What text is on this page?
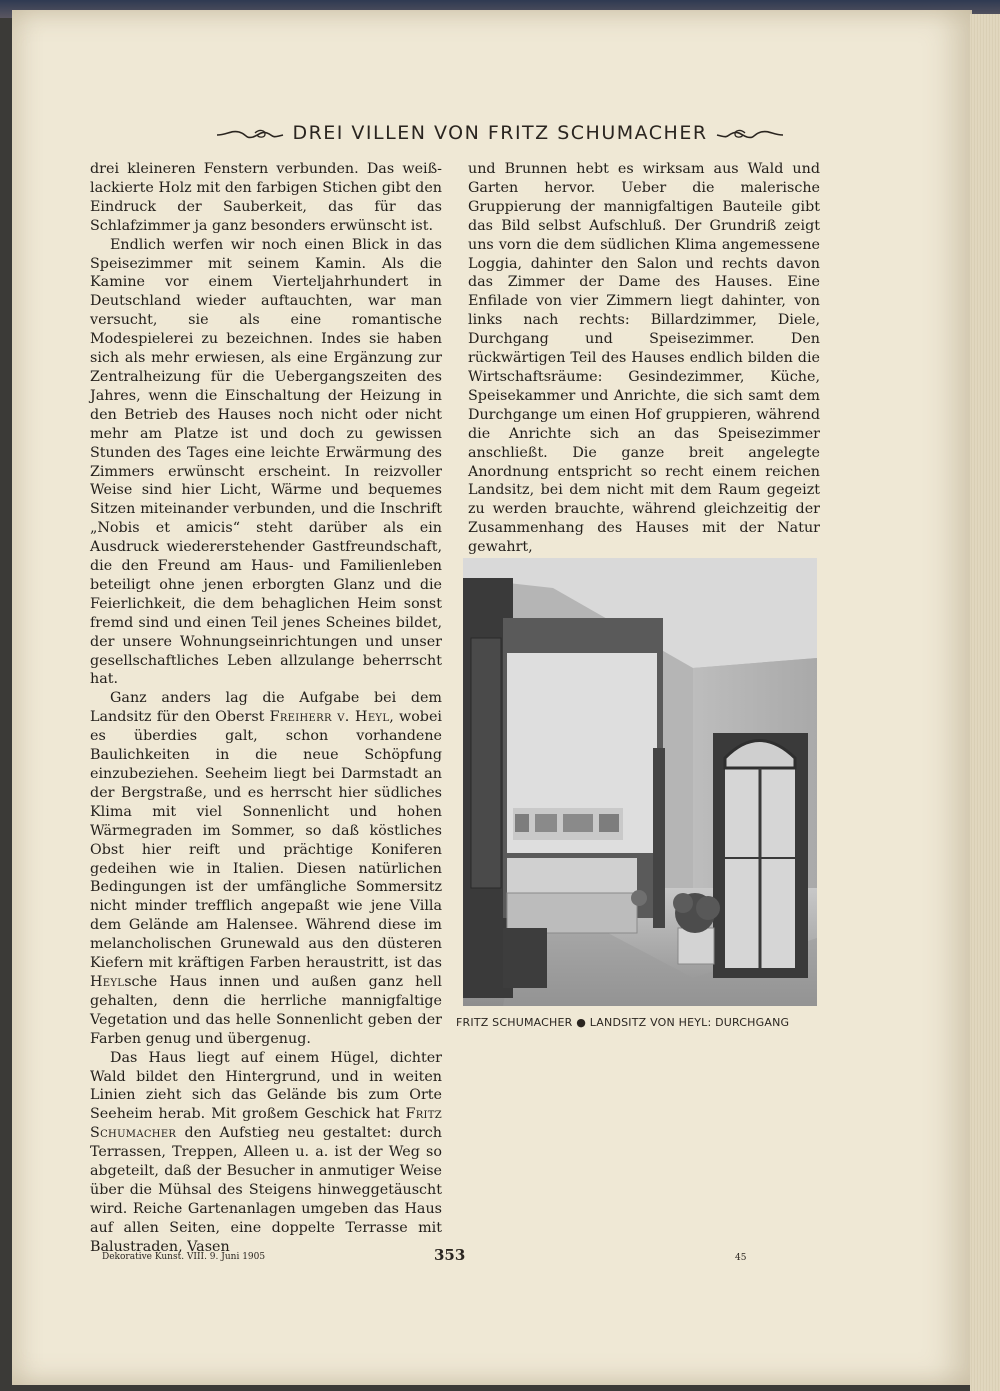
DREI VILLEN VON FRITZ SCHUMACHER

drei kleineren Fenstern verbunden. Das weiß-lackierte Holz mit den farbigen Stichen gibt den Eindruck der Sauberkeit, das für das Schlafzimmer ja ganz besonders erwünscht ist.

Endlich werfen wir noch einen Blick in das Speisezimmer mit seinem Kamin. Als die Kamine vor einem Vierteljahrhundert in Deutschland wieder auftauchten, war man versucht, sie als eine romantische Modespielerei zu bezeichnen. Indes sie haben sich als mehr erwiesen, als eine Ergänzung zur Zentralheizung für die Uebergangszeiten des Jahres, wenn die Einschaltung der Heizung in den Betrieb des Hauses noch nicht oder nicht mehr am Platze ist und doch zu gewissen Stunden des Tages eine leichte Erwärmung des Zimmers erwünscht erscheint. In reizvoller Weise sind hier Licht, Wärme und bequemes Sitzen miteinander verbunden, und die Inschrift „Nobis et amicis“ steht darüber als ein Ausdruck wiedererstehender Gastfreundschaft, die den Freund am Haus- und Familienleben beteiligt ohne jenen erborgten Glanz und die Feierlichkeit, die dem behaglichen Heim sonst fremd sind und einen Teil jenes Scheines bildet, der unsere Wohnungseinrichtungen und unser gesellschaftliches Leben allzulange beherrscht hat.

Ganz anders lag die Aufgabe bei dem Landsitz für den Oberst Freiherr v. Heyl, wobei es überdies galt, schon vorhandene Baulichkeiten in die neue Schöpfung einzubeziehen. Seeheim liegt bei Darmstadt an der Bergstraße, und es herrscht hier südliches Klima mit viel Sonnenlicht und hohen Wärmegraden im Sommer, so daß köstliches Obst hier reift und prächtige Koniferen gedeihen wie in Italien. Diesen natürlichen Bedingungen ist der umfängliche Sommersitz nicht minder trefflich angepaßt wie jene Villa dem Gelände am Halensee. Während diese im melancholischen Grunewald aus den düsteren Kiefern mit kräftigen Farben heraustritt, ist das Heylsche Haus innen und außen ganz hell gehalten, denn die herrliche mannigfaltige Vegetation und das helle Sonnenlicht geben der Farben genug und übergenug.

Das Haus liegt auf einem Hügel, dichter Wald bildet den Hintergrund, und in weiten Linien zieht sich das Gelände bis zum Orte Seeheim herab. Mit großem Geschick hat Fritz Schumacher den Aufstieg neu gestaltet: durch Terrassen, Treppen, Alleen u. a. ist der Weg so abgeteilt, daß der Besucher in anmutiger Weise über die Mühsal des Steigens hinweggetäuscht wird. Reiche Gartenanlagen umgeben das Haus auf allen Seiten, eine doppelte Terrasse mit Balustraden, Vasen

und Brunnen hebt es wirksam aus Wald und Garten hervor. Ueber die malerische Gruppierung der mannigfaltigen Bauteile gibt das Bild selbst Aufschluß. Der Grundriß zeigt uns vorn die dem südlichen Klima angemessene Loggia, dahinter den Salon und rechts davon das Zimmer der Dame des Hauses. Eine Enfilade von vier Zimmern liegt dahinter, von links nach rechts: Billardzimmer, Diele, Durchgang und Speisezimmer. Den rückwärtigen Teil des Hauses endlich bilden die Wirtschaftsräume: Gesindezimmer, Küche, Speisekammer und Anrichte, die sich samt dem Durchgange um einen Hof gruppieren, während die Anrichte sich an das Speisezimmer anschließt. Die ganze breit angelegte Anordnung entspricht so recht einem reichen Landsitz, bei dem nicht mit dem Raum gegeizt zu werden brauchte, während gleichzeitig der Zusammenhang des Hauses mit der Natur gewahrt,

FRITZ SCHUMACHER ● LANDSITZ VON HEYL: DURCHGANG
Dekorative Kunst. VIII. 9. Juni 1905	353	45
